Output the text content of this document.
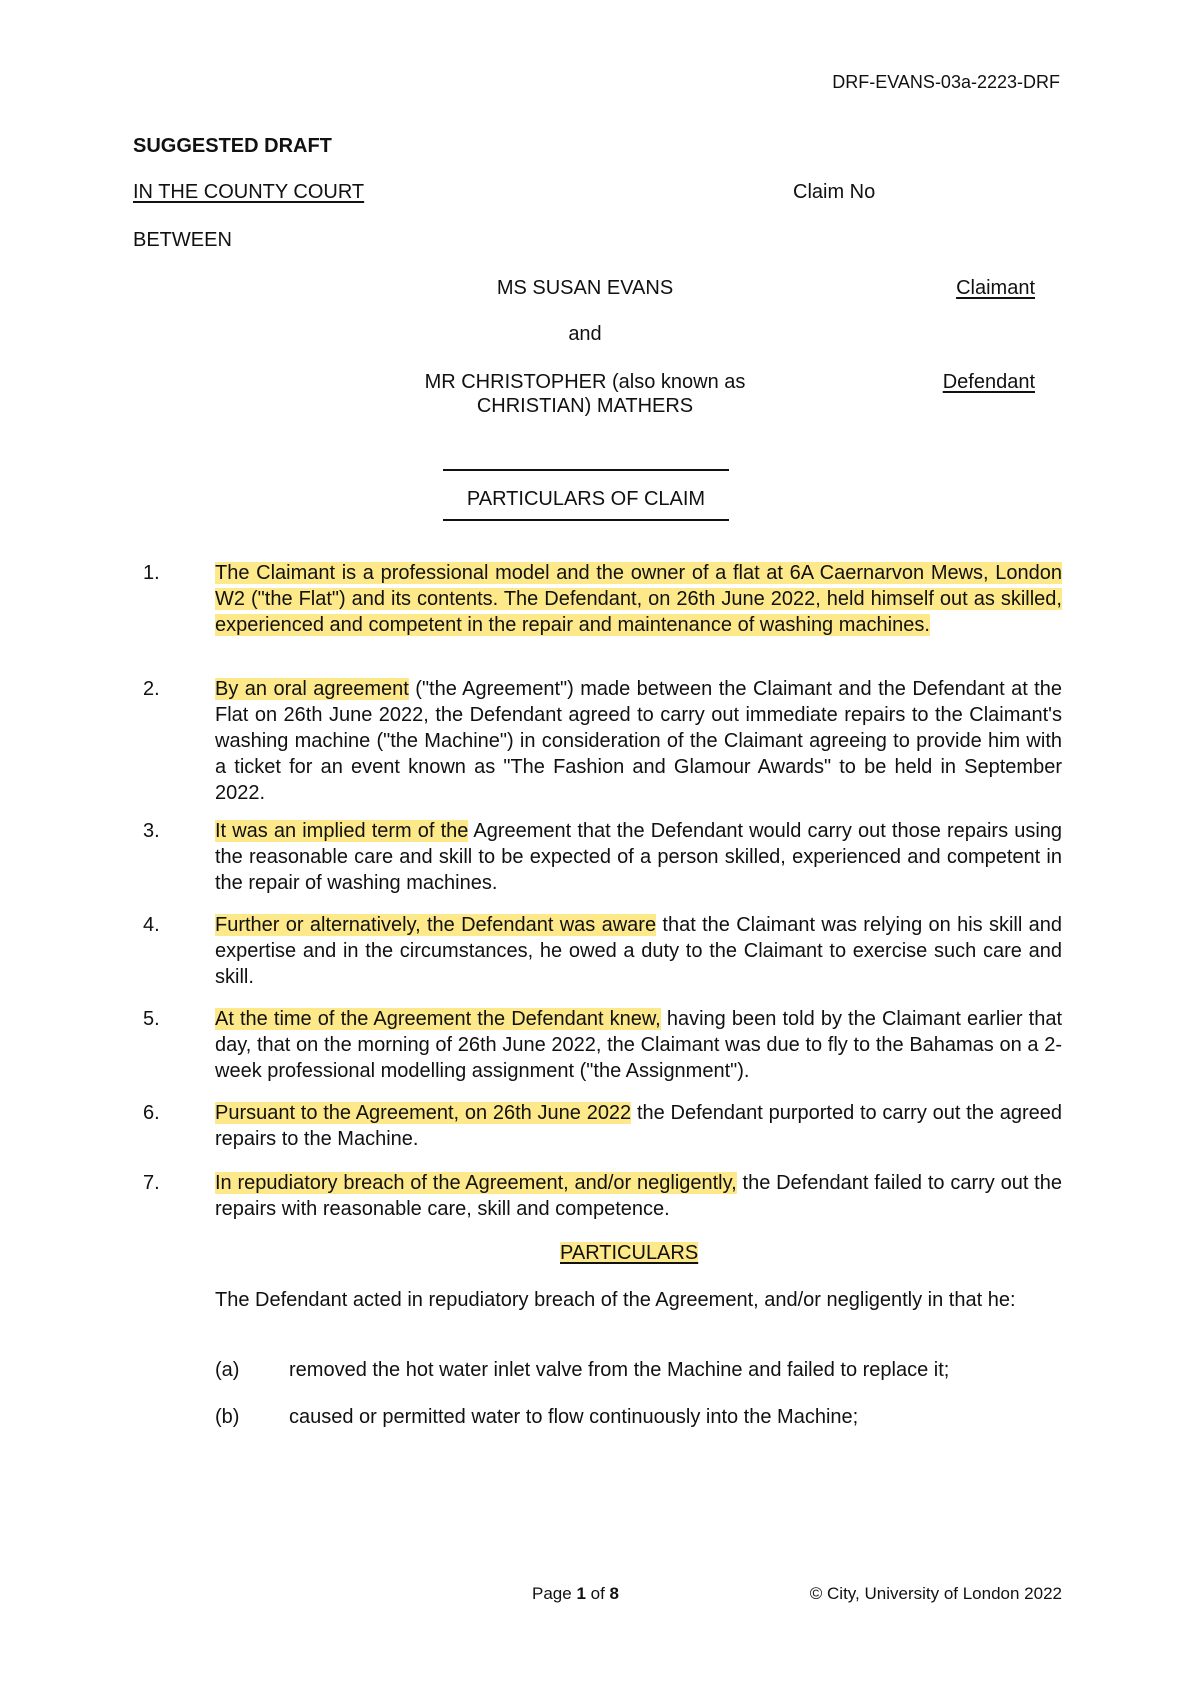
DRF-EVANS-03a-2223-DRF
SUGGESTED DRAFT
IN THE COUNTY COURT	Claim No
BETWEEN
MS SUSAN EVANS	Claimant
and
MR CHRISTOPHER (also known as
CHRISTIAN) MATHERS
Defendant
PARTICULARS OF CLAIM
1.	The Claimant is a professional model and the owner of a flat at 6A Caernarvon Mews, London W2 ("the Flat") and its contents. The Defendant, on 26th June 2022, held himself out as skilled, experienced and competent in the repair and maintenance of washing machines.
2.	By an oral agreement ("the Agreement") made between the Claimant and the Defendant at the Flat on 26th June 2022, the Defendant agreed to carry out immediate repairs to the Claimant's washing machine ("the Machine") in consideration of the Claimant agreeing to provide him with a ticket for an event known as "The Fashion and Glamour Awards" to be held in September 2022.
3.	It was an implied term of the Agreement that the Defendant would carry out those repairs using the reasonable care and skill to be expected of a person skilled, experienced and competent in the repair of washing machines.
4.	Further or alternatively, the Defendant was aware that the Claimant was relying on his skill and expertise and in the circumstances, he owed a duty to the Claimant to exercise such care and skill.
5.	At the time of the Agreement the Defendant knew, having been told by the Claimant earlier that day, that on the morning of 26th June 2022, the Claimant was due to fly to the Bahamas on a 2-week professional modelling assignment ("the Assignment").
6.	Pursuant to the Agreement, on 26th June 2022 the Defendant purported to carry out the agreed repairs to the Machine.
7.	In repudiatory breach of the Agreement, and/or negligently, the Defendant failed to carry out the repairs with reasonable care, skill and competence.
PARTICULARS
The Defendant acted in repudiatory breach of the Agreement, and/or negligently in that he:
(a) removed the hot water inlet valve from the Machine and failed to replace it;
(b) caused or permitted water to flow continuously into the Machine;
Page 1 of 8	© City, University of London 2022
